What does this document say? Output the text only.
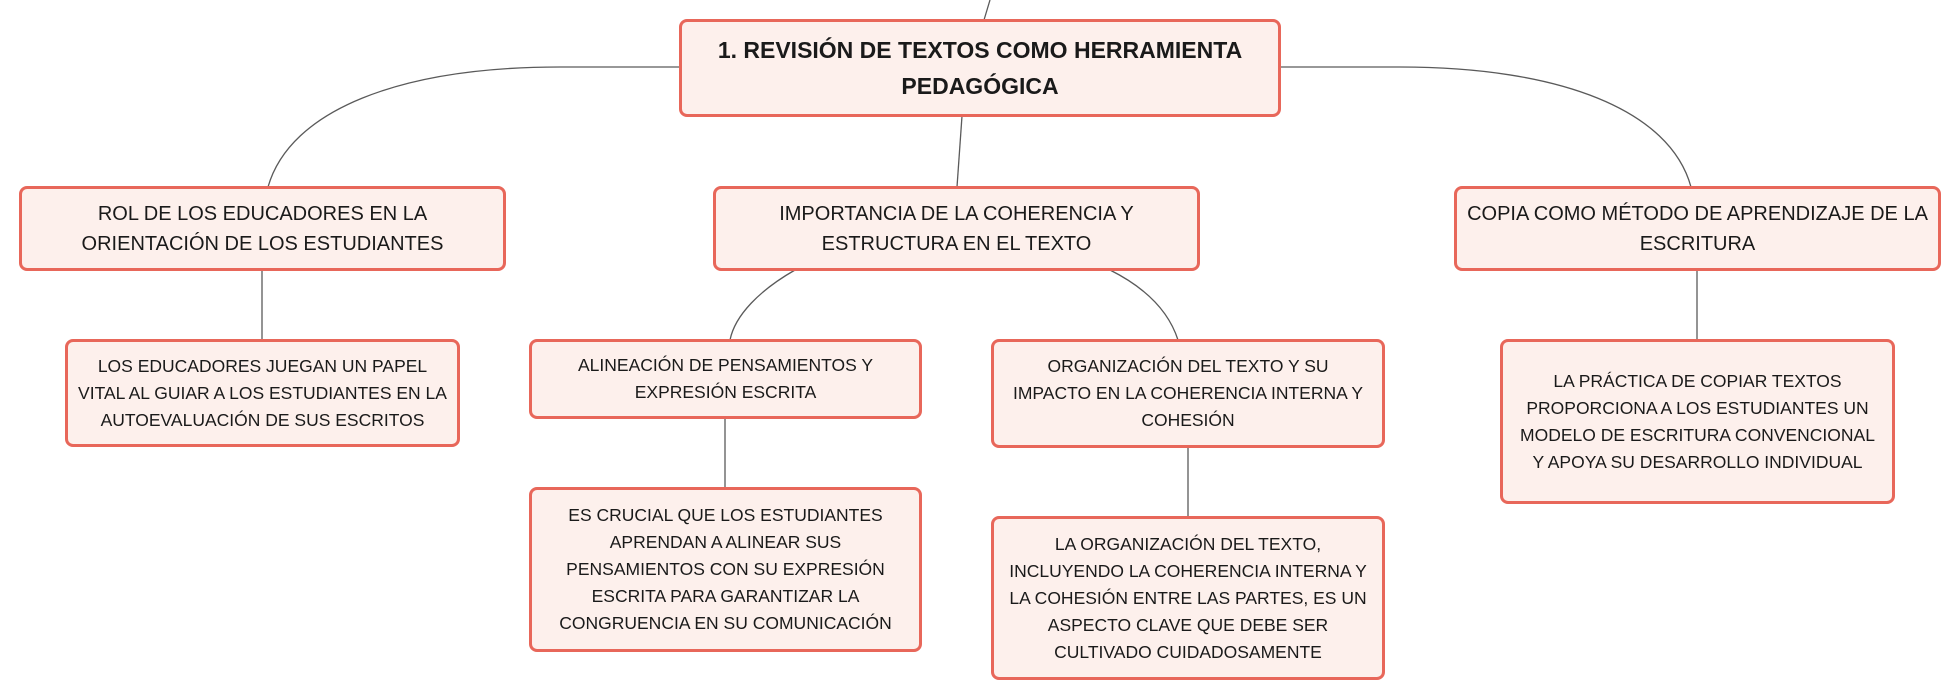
1. REVISIÓN DE TEXTOS COMO HERRAMIENTA PEDAGÓGICA
ROL DE LOS EDUCADORES EN LA ORIENTACIÓN DE LOS ESTUDIANTES
IMPORTANCIA DE LA COHERENCIA Y ESTRUCTURA EN EL TEXTO
COPIA COMO MÉTODO DE APRENDIZAJE DE LA ESCRITURA
LOS EDUCADORES JUEGAN UN PAPEL VITAL AL GUIAR A LOS ESTUDIANTES EN LA AUTOEVALUACIÓN DE SUS ESCRITOS
ALINEACIÓN DE PENSAMIENTOS Y EXPRESIÓN ESCRITA
ORGANIZACIÓN DEL TEXTO Y SU IMPACTO EN LA COHERENCIA INTERNA Y COHESIÓN
LA PRÁCTICA DE COPIAR TEXTOS PROPORCIONA A LOS ESTUDIANTES UN MODELO DE ESCRITURA CONVENCIONAL Y APOYA SU DESARROLLO INDIVIDUAL
ES CRUCIAL QUE LOS ESTUDIANTES APRENDAN A ALINEAR SUS PENSAMIENTOS CON SU EXPRESIÓN ESCRITA PARA GARANTIZAR LA CONGRUENCIA EN SU COMUNICACIÓN
LA ORGANIZACIÓN DEL TEXTO, INCLUYENDO LA COHERENCIA INTERNA Y LA COHESIÓN ENTRE LAS PARTES, ES UN ASPECTO CLAVE QUE DEBE SER CULTIVADO CUIDADOSAMENTE
